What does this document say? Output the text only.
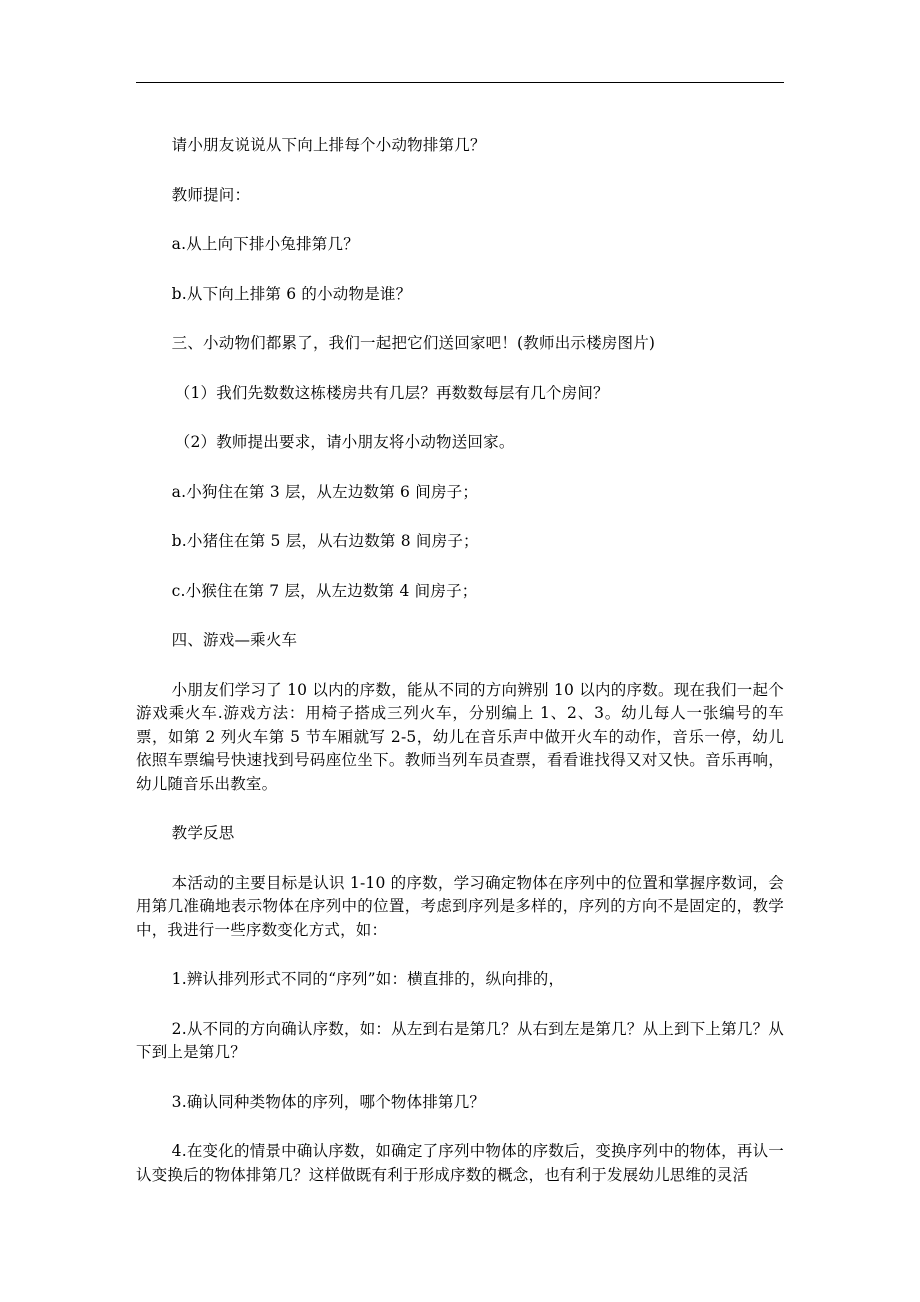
请小朋友说说从下向上排每个小动物排第几？

教师提问：

a.从上向下排小兔排第几？

b.从下向上排第 6 的小动物是谁？

三、小动物们都累了，我们一起把它们送回家吧！(教师出示楼房图片)

（1）我们先数数这栋楼房共有几层？再数数每层有几个房间？

（2）教师提出要求，请小朋友将小动物送回家。

a.小狗住在第 3 层，从左边数第 6 间房子；

b.小猪住在第 5 层，从右边数第 8 间房子；

c.小猴住在第 7 层，从左边数第 4 间房子；

四、游戏—乘火车

小朋友们学习了 10 以内的序数，能从不同的方向辨别 10 以内的序数。现在我们一起个游戏乘火车.游戏方法：用椅子搭成三列火车，分别编上 1、2、3。幼儿每人一张编号的车票，如第 2 列火车第 5 节车厢就写 2-5，幼儿在音乐声中做开火车的动作，音乐一停，幼儿依照车票编号快速找到号码座位坐下。教师当列车员查票，看看谁找得又对又快。音乐再响，幼儿随音乐出教室。

教学反思

本活动的主要目标是认识 1-10 的序数，学习确定物体在序列中的位置和掌握序数词，会用第几准确地表示物体在序列中的位置，考虑到序列是多样的，序列的方向不是固定的，教学中，我进行一些序数变化方式，如：

1.辨认排列形式不同的“序列”如：横直排的，纵向排的，

2.从不同的方向确认序数，如：从左到右是第几？从右到左是第几？从上到下上第几？从下到上是第几？

3.确认同种类物体的序列，哪个物体排第几？

4.在变化的情景中确认序数，如确定了序列中物体的序数后，变换序列中的物体，再认一认变换后的物体排第几？这样做既有利于形成序数的概念，也有利于发展幼儿思维的灵活
